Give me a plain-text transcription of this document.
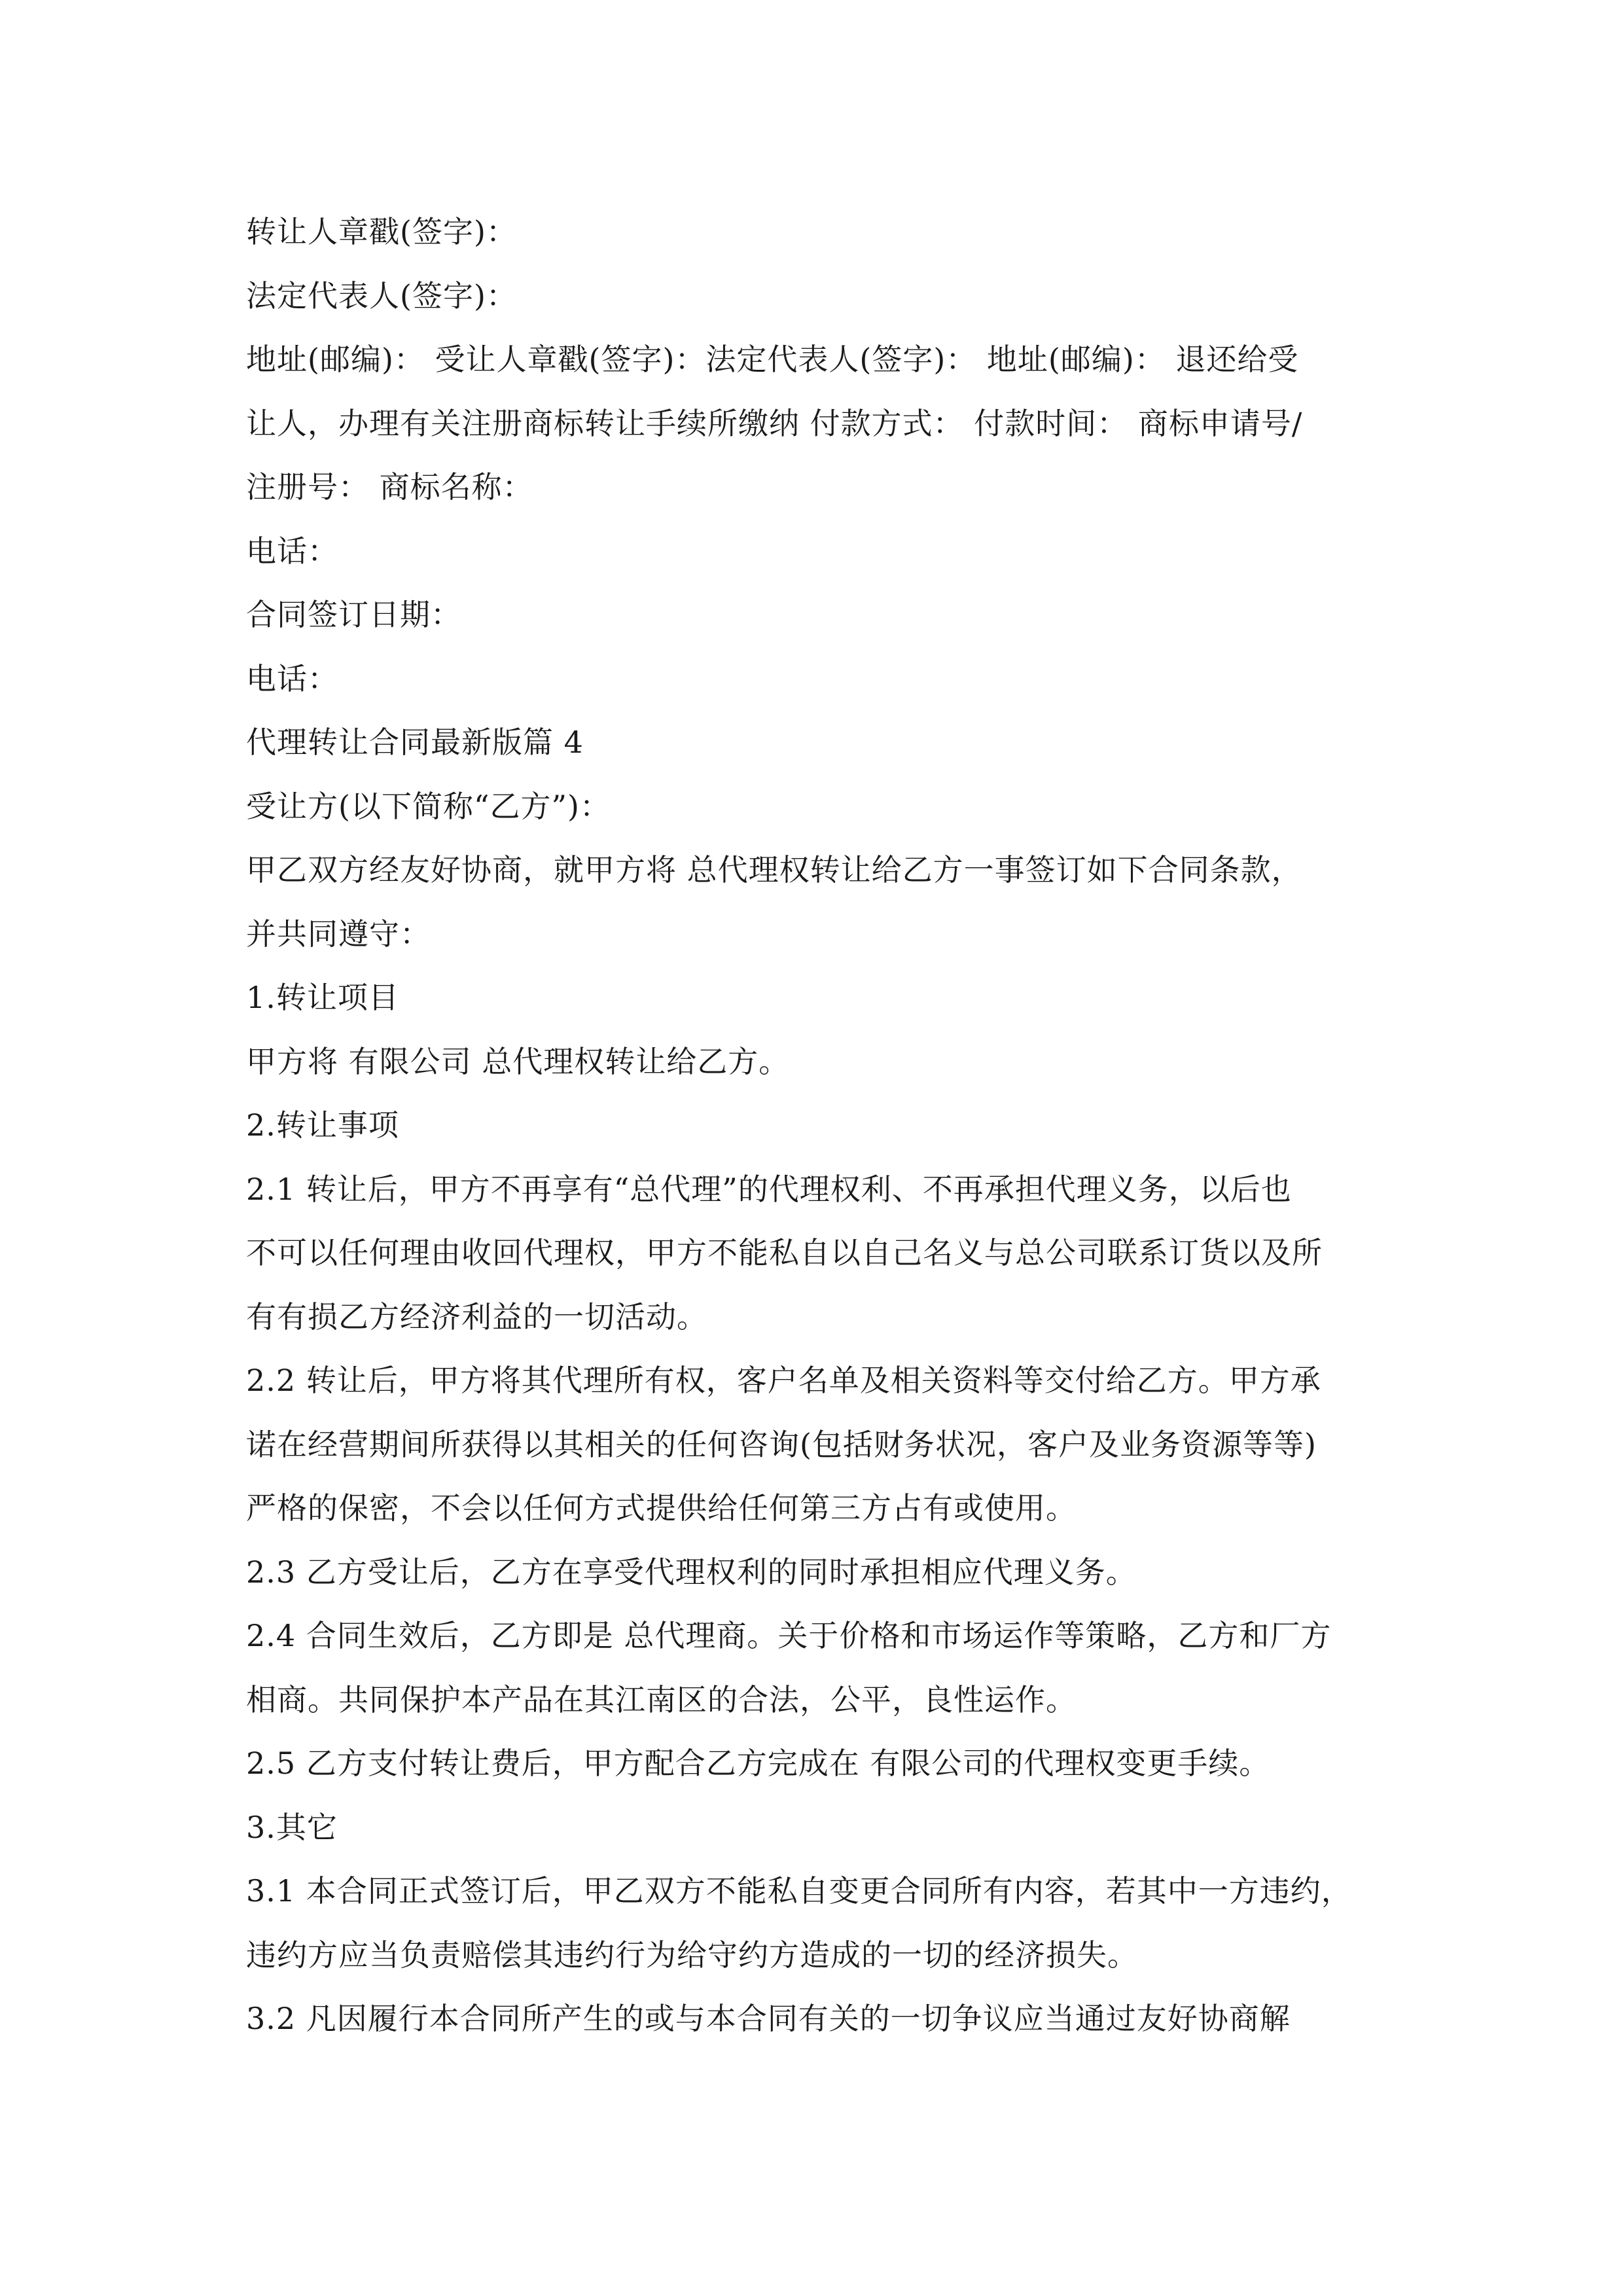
转让人章戳(签字)：
法定代表人(签字)：
地址(邮编)： 受让人章戳(签字)：法定代表人(签字)： 地址(邮编)： 退还给受
让人，办理有关注册商标转让手续所缴纳 付款方式： 付款时间： 商标申请号/
注册号： 商标名称：
电话：
合同签订日期：
电话：
代理转让合同最新版篇 4
受让方(以下简称“乙方”)：
甲乙双方经友好协商，就甲方将 总代理权转让给乙方一事签订如下合同条款，
并共同遵守：
1.转让项目
甲方将 有限公司 总代理权转让给乙方。
2.转让事项
2.1 转让后，甲方不再享有“总代理”的代理权利、不再承担代理义务，以后也
不可以任何理由收回代理权，甲方不能私自以自己名义与总公司联系订货以及所
有有损乙方经济利益的一切活动。
2.2 转让后，甲方将其代理所有权，客户名单及相关资料等交付给乙方。甲方承
诺在经营期间所获得以其相关的任何咨询(包括财务状况，客户及业务资源等等)
严格的保密，不会以任何方式提供给任何第三方占有或使用。
2.3 乙方受让后，乙方在享受代理权利的同时承担相应代理义务。
2.4 合同生效后，乙方即是 总代理商。关于价格和市场运作等策略，乙方和厂方
相商。共同保护本产品在其江南区的合法，公平，良性运作。
2.5 乙方支付转让费后，甲方配合乙方完成在 有限公司的代理权变更手续。
3.其它
3.1 本合同正式签订后，甲乙双方不能私自变更合同所有内容，若其中一方违约，
违约方应当负责赔偿其违约行为给守约方造成的一切的经济损失。
3.2 凡因履行本合同所产生的或与本合同有关的一切争议应当通过友好协商解
